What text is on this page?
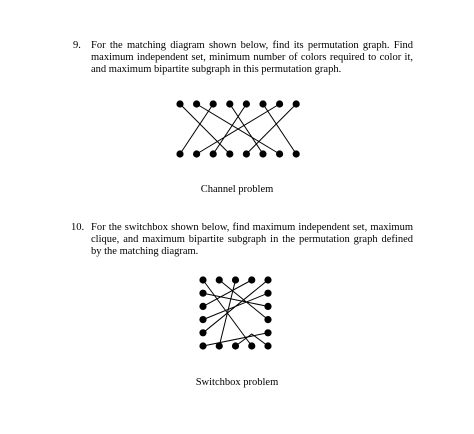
9. For the matching diagram shown below, find its permutation graph. Find maximum independent set, minimum number of colors required to color it, and maximum bipartite subgraph in this permutation graph.
Channel problem
10. For the switchbox shown below, find maximum independent set, maximum clique, and maximum bipartite subgraph in the permutation graph defined by the matching diagram.
Switchbox problem
